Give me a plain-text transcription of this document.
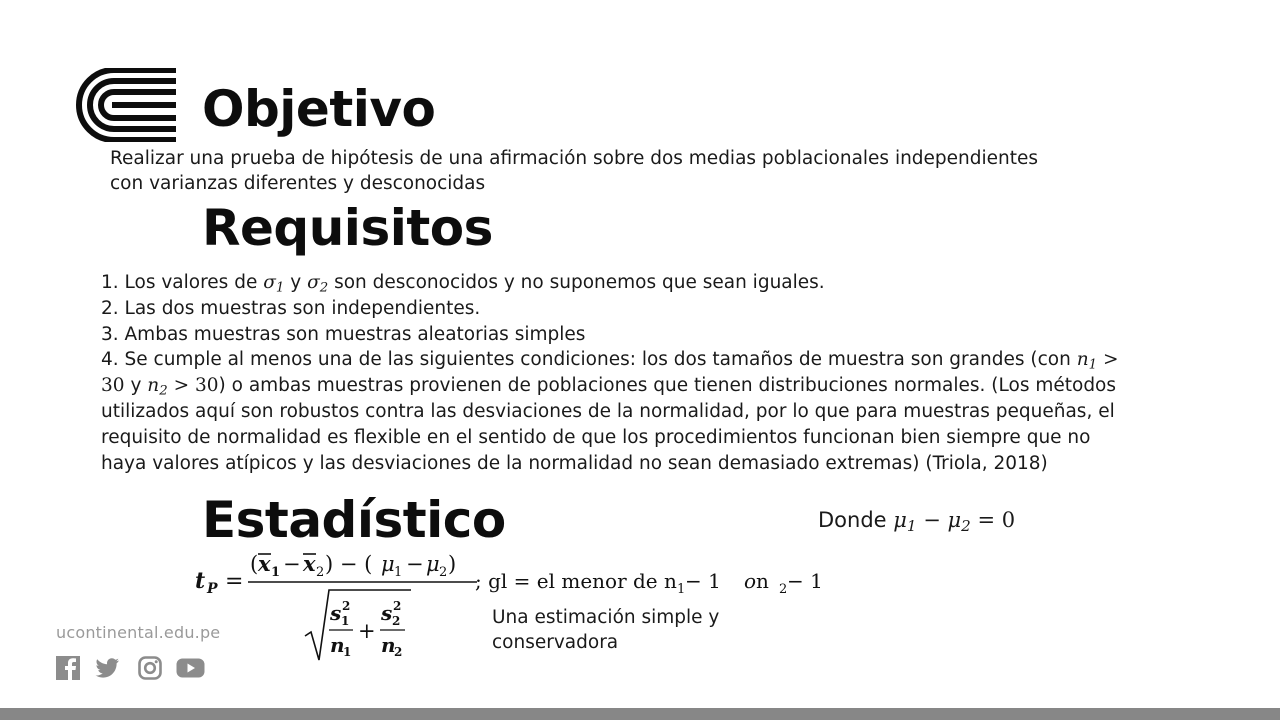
Objetivo
Requisitos
Estadístico
Realizar una prueba de hipótesis de una afirmación sobre dos medias poblacionales independientes
con varianzas diferentes y desconocidas
1. Los valores de $\sigma_1$ y $\sigma_2$ son desconocidos y no suponemos que sean iguales.
2. Las dos muestras son independientes.
3. Ambas muestras son muestras aleatorias simples
4. Se cumple al menos una de las siguientes condiciones: los dos tamaños de muestra son grandes (con $n_1$ >
30 y $n_2 > 30$) o ambas muestras provienen de poblaciones que tienen distribuciones normales. (Los métodos
utilizados aquí son robustos contra las desviaciones de la normalidad, por lo que para muestras pequeñas, el
requisito de normalidad es flexible en el sentido de que los procedimientos funcionan bien siempre que no
haya valores atípicos y las desviaciones de la normalidad no sean demasiado extremas) (Triola, 2018)
Donde $\mu_1 - \mu_2 = 0$
t P =
( x 1 − x 2 ) − ( μ 1 − μ 2 )
s 2
1
n
1
+
s 2
2
n
2
; gl = el menor de n 1 − 1 o n 2 − 1
Una estimación simple y
conservadora
ucontinental.edu.pe
